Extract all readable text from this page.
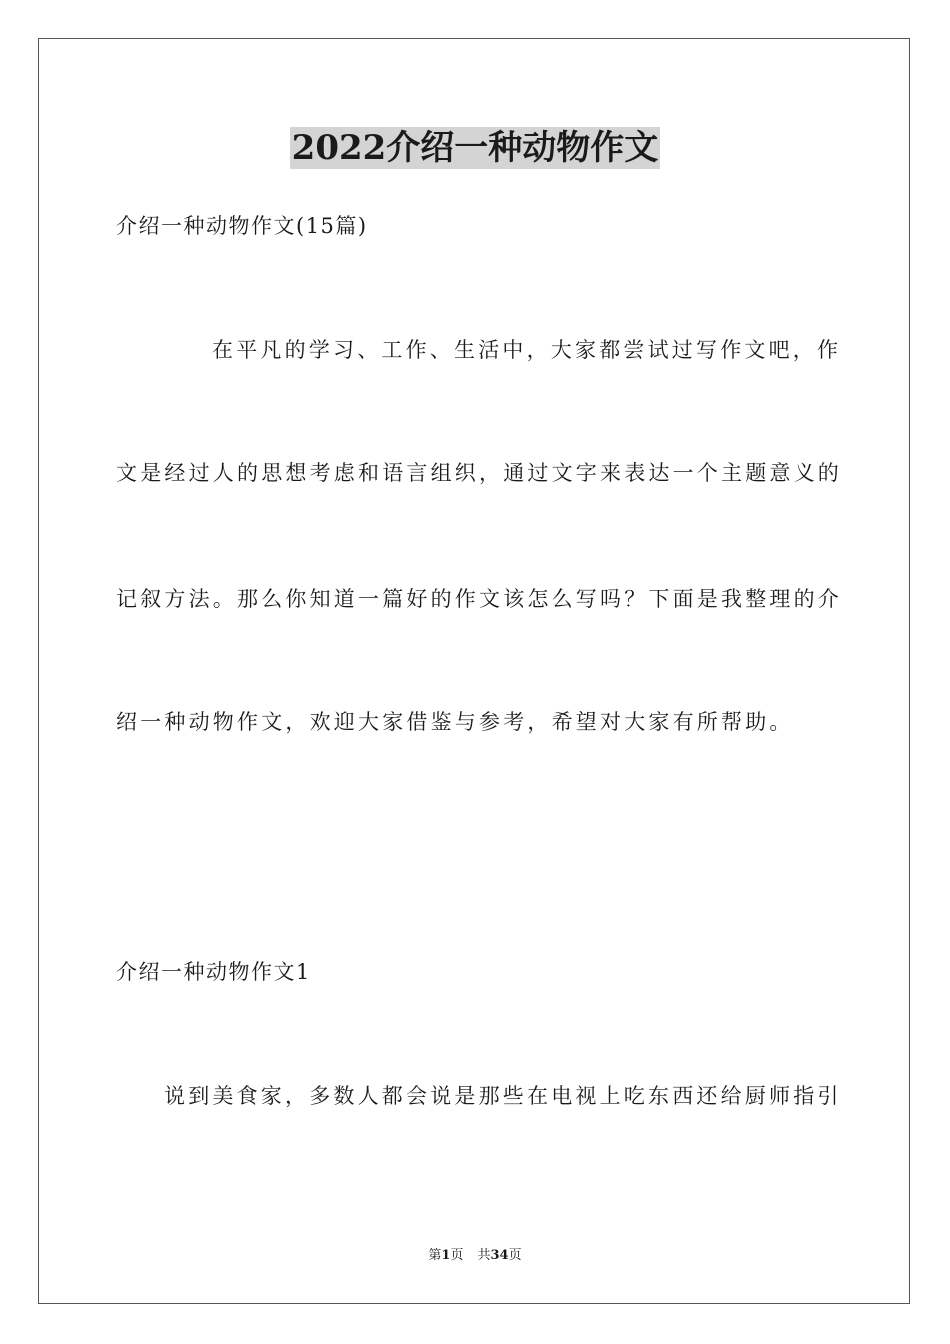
2022介绍一种动物作文
介绍一种动物作文(15篇)
在平凡的学习、工作、生活中，大家都尝试过写作文吧，作
文是经过人的思想考虑和语言组织，通过文字来表达一个主题意义的
记叙方法。那么你知道一篇好的作文该怎么写吗？下面是我整理的介
绍一种动物作文，欢迎大家借鉴与参考，希望对大家有所帮助。
介绍一种动物作文1
说到美食家，多数人都会说是那些在电视上吃东西还给厨师指引
第1页 共34页
